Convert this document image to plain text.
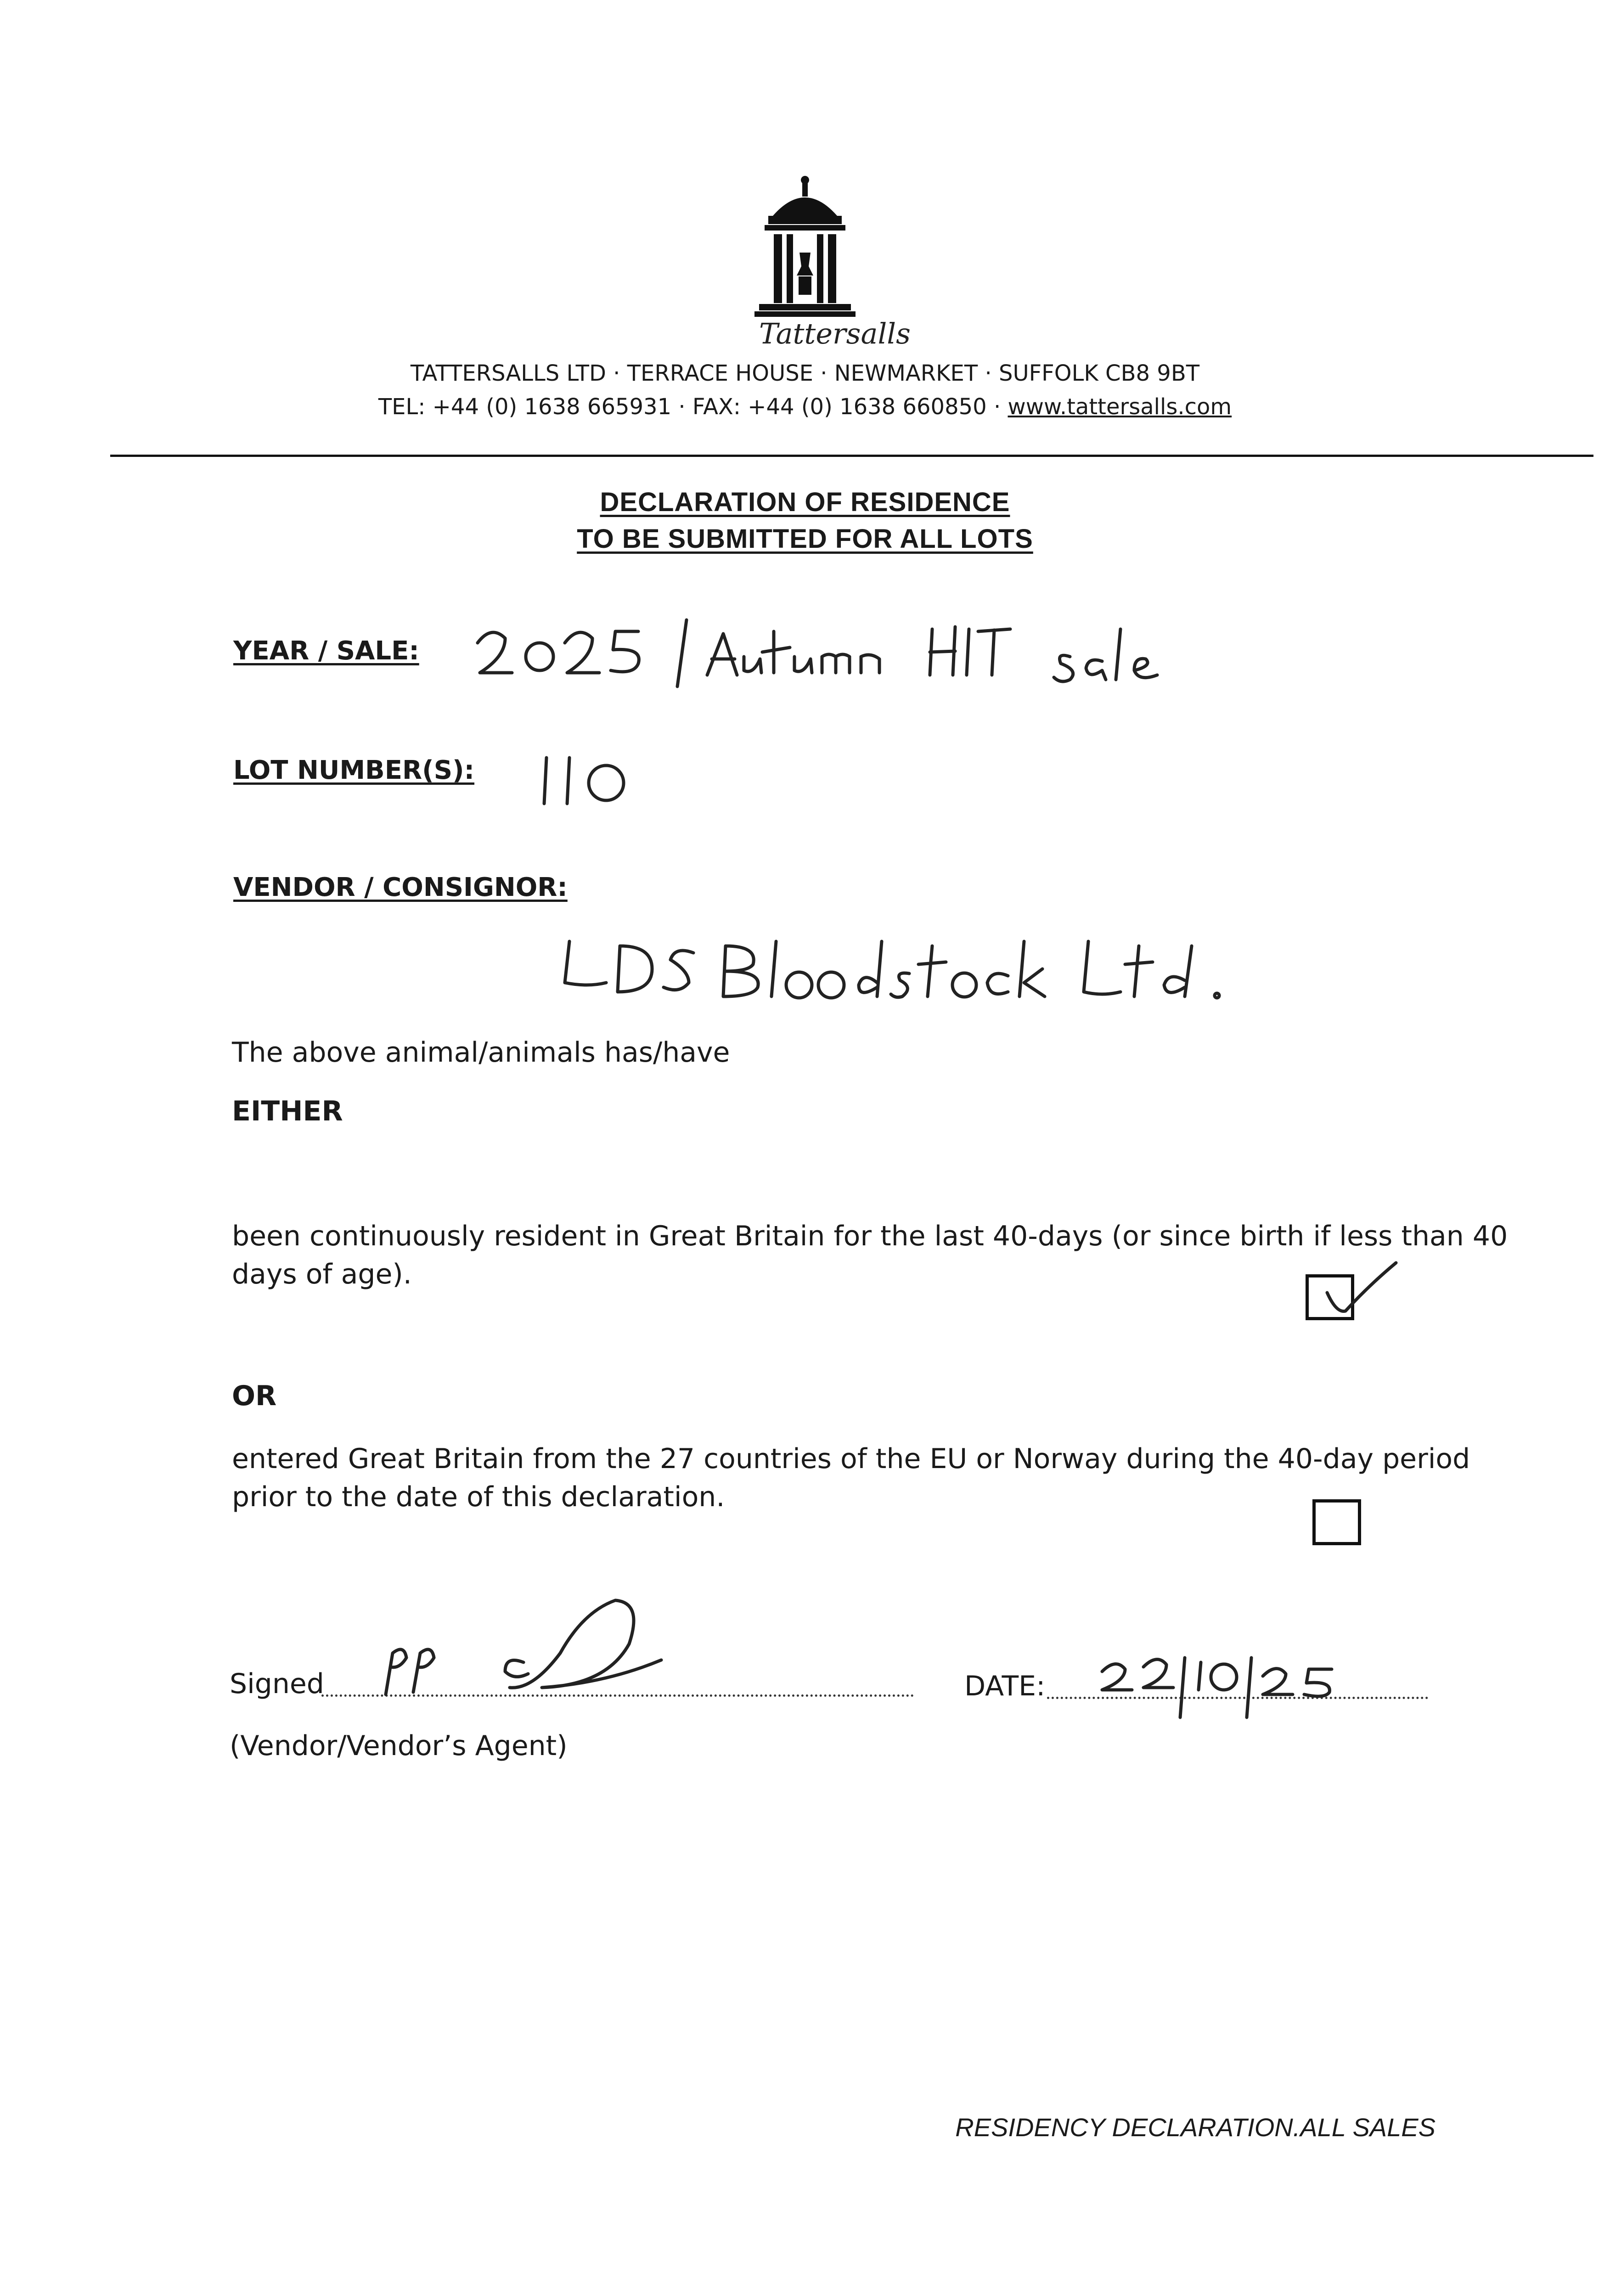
Tattersalls
TATTERSALLS LTD · TERRACE HOUSE · NEWMARKET · SUFFOLK CB8 9BT
TEL: +44 (0) 1638 665931 · FAX: +44 (0) 1638 660850 · www.tattersalls.com
DECLARATION OF RESIDENCE
TO BE SUBMITTED FOR ALL LOTS
YEAR / SALE:
LOT NUMBER(S):
VENDOR / CONSIGNOR:
The above animal/animals has/have
EITHER
been continuously resident in Great Britain for the last 40-days (or since birth if less than 40
days of age).
OR
entered Great Britain from the 27 countries of the EU or Norway during the 40-day period
prior to the date of this declaration.
Signed	DATE:
(Vendor/Vendor’s Agent)
RESIDENCY DECLARATION.ALL SALES
